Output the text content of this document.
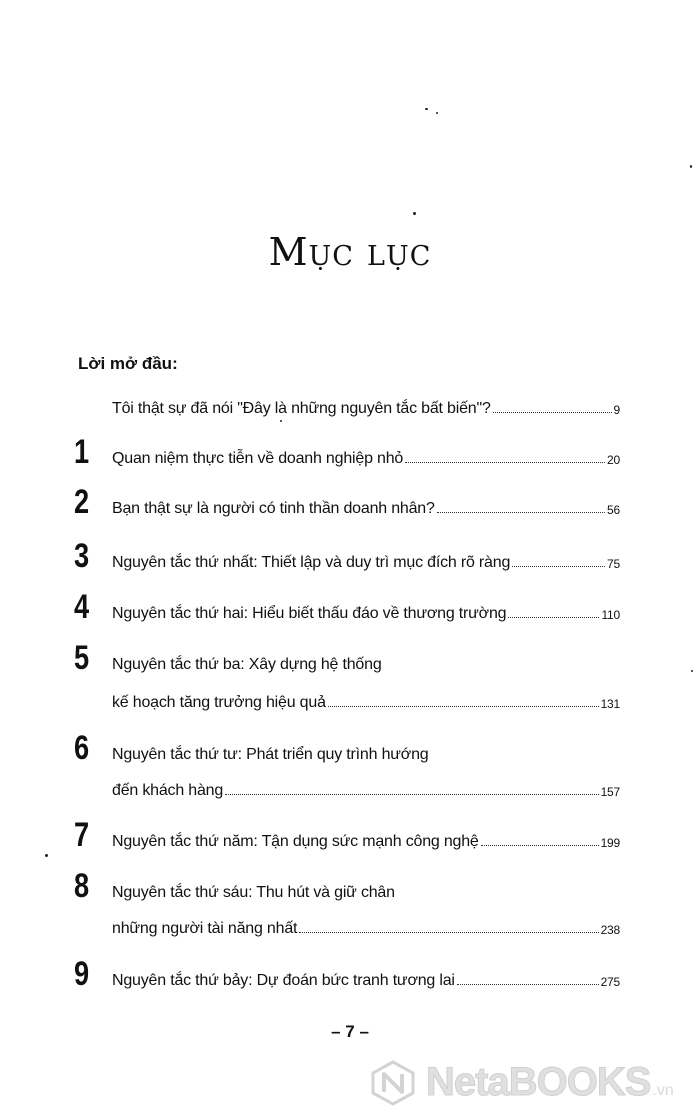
Mục lục
Lời mở đầu:
Tôi thật sự đã nói "Đây là những nguyên tắc bất biến"?	9
1	Quan niệm thực tiễn về doanh nghiệp nhỏ	20
2	Bạn thật sự là người có tinh thần doanh nhân?	56
3	Nguyên tắc thứ nhất: Thiết lập và duy trì mục đích rõ ràng	75
4	Nguyên tắc thứ hai: Hiểu biết thấu đáo về thương trường	110
5	Nguyên tắc thứ ba: Xây dựng hệ thống
kế hoạch tăng trưởng hiệu quả	131
6	Nguyên tắc thứ tư: Phát triển quy trình hướng
đến khách hàng	157
7	Nguyên tắc thứ năm: Tận dụng sức mạnh công nghệ	199
8	Nguyên tắc thứ sáu: Thu hút và giữ chân
những người tài năng nhất	238
9	Nguyên tắc thứ bảy: Dự đoán bức tranh tương lai	275
– 7 –
NetaBOOKS .vn
